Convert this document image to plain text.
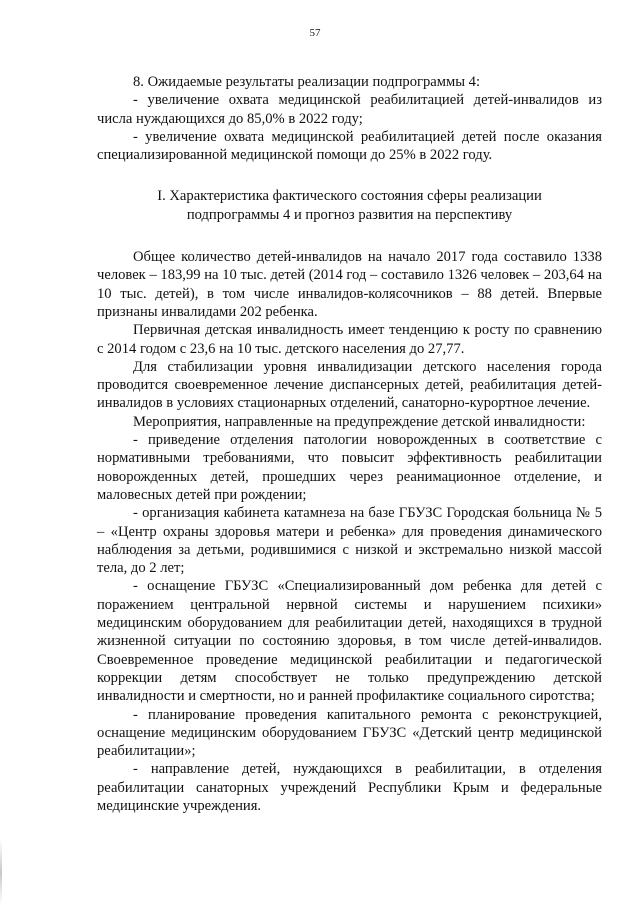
57

8. Ожидаемые результаты реализации подпрограммы 4:

- увеличение охвата медицинской реабилитацией детей-инвалидов из числа нуждающихся до 85,0% в 2022 году;

- увеличение охвата медицинской реабилитацией детей после оказания специализированной медицинской помощи до 25% в 2022 году.

I. Характеристика фактического состояния сферы реализации
подпрограммы 4 и прогноз развития на перспективу

Общее количество детей-инвалидов на начало 2017 года составило 1338 человек – 183,99 на 10 тыс. детей (2014 год – составило 1326 человек – 203,64 на 10 тыс. детей), в том числе инвалидов-колясочников – 88 детей. Впервые признаны инвалидами 202 ребенка.

Первичная детская инвалидность имеет тенденцию к росту по сравнению с 2014 годом с 23,6 на 10 тыс. детского населения до 27,77.

Для стабилизации уровня инвалидизации детского населения города проводится своевременное лечение диспансерных детей, реабилитация детей-инвалидов в условиях стационарных отделений, санаторно-курортное лечение.

Мероприятия, направленные на предупреждение детской инвалидности:

- приведение отделения патологии новорожденных в соответствие с нормативными требованиями, что повысит эффективность реабилитации новорожденных детей, прошедших через реанимационное отделение, и маловесных детей при рождении;

- организация кабинета катамнеза на базе ГБУЗС Городская больница № 5 – «Центр охраны здоровья матери и ребенка» для проведения динамического наблюдения за детьми, родившимися с низкой и экстремально низкой массой тела, до 2 лет;

- оснащение ГБУЗС «Специализированный дом ребенка для детей с поражением центральной нервной системы и нарушением психики» медицинским оборудованием для реабилитации детей, находящихся в трудной жизненной ситуации по состоянию здоровья, в том числе детей-инвалидов. Своевременное проведение медицинской реабилитации и педагогической коррекции детям способствует не только предупреждению детской инвалидности и смертности, но и ранней профилактике социального сиротства;

- планирование проведения капитального ремонта с реконструкцией, оснащение медицинским оборудованием ГБУЗС «Детский центр медицинской реабилитации»;

- направление детей, нуждающихся в реабилитации, в отделения реабилитации санаторных учреждений Республики Крым и федеральные медицинские учреждения.
